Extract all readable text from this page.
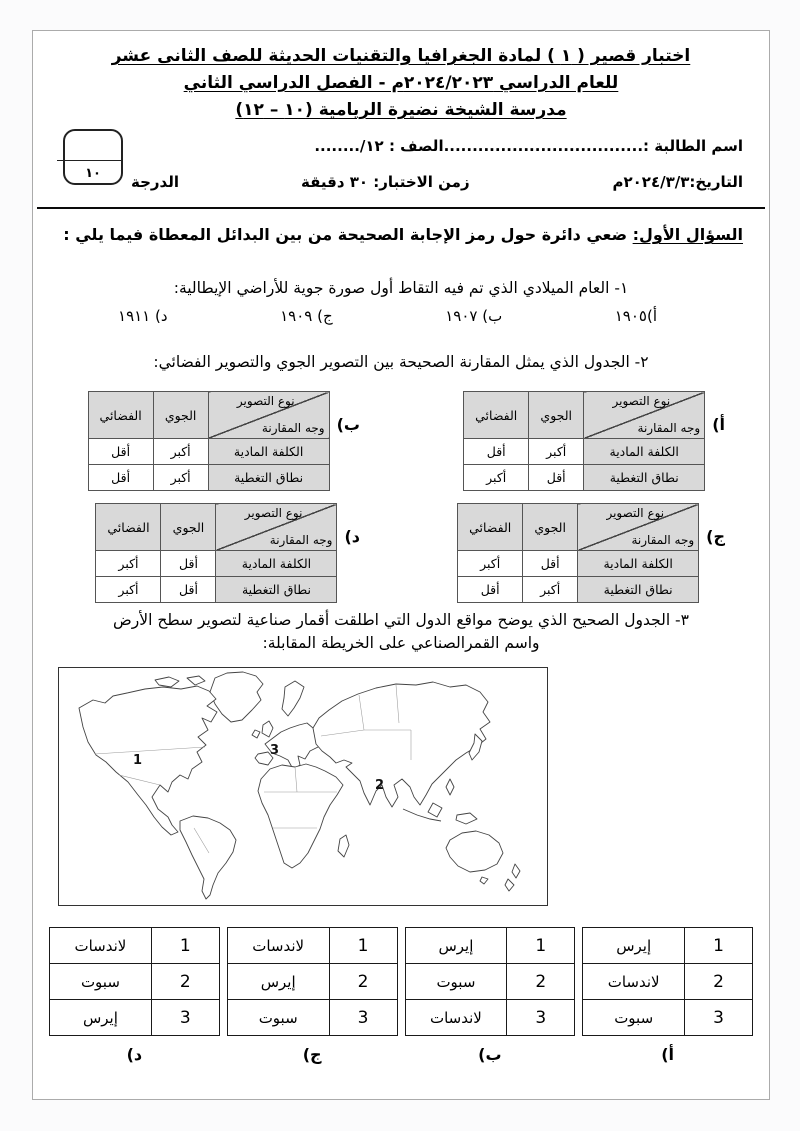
اختبار قصير ( ١ ) لمادة الجغرافيا والتقنيات الحديثة للصف الثانى عشر
للعام الدراسي ٢٠٢٤/٢٠٢٣م - الفصل الدراسي الثاني
مدرسة الشيخة نضيرة الريامية (١٠ – ١٢)
اسم الطالبة :...................................الصف : ١٢/........
١٠	التاريخ:٢٠٢٤/٣/٣م
زمن الاختبار: ٣٠ دقيقة
الدرجة
السؤال الأول: ضعي دائرة حول رمز الإجابة الصحيحة من بين البدائل المعطاة فيما يلي :
١- العام الميلادي الذي تم فيه التقاط أول صورة جوية للأراضي الإيطالية:
أ)١٩٠٥
ب) ١٩٠٧
ج) ١٩٠٩
د) ١٩١١
٢- الجدول الذي يمثل المقارنة الصحيحة بين التصوير الجوي والتصوير الفضائي:
أ)
نوع التصوير
وجه المقارنة	الجوي	الفضائي
الكلفة المادية	أكبر	أقل
نطاق التغطية	أقل	أكبر
ب)
نوع التصوير
وجه المقارنة	الجوي	الفضائي
الكلفة المادية	أكبر	أقل
نطاق التغطية	أكبر	أقل
ج)
نوع التصوير
وجه المقارنة	الجوي	الفضائي
الكلفة المادية	أقل	أكبر
نطاق التغطية	أكبر	أقل
د)
نوع التصوير
وجه المقارنة	الجوي	الفضائي
الكلفة المادية	أقل	أكبر
نطاق التغطية	أقل	أكبر
٣- الجدول الصحيح الذي يوضح مواقع الدول التي اطلقت أقمار صناعية لتصوير سطح الأرض
واسم القمرالصناعي على الخريطة المقابلة:
1
3
2
1	إيرس
2	لاندسات
3	سبوت
1	إيرس
2	سبوت
3	لاندسات
1	لاندسات
2	إيرس
3	سبوت
1	لاندسات
2	سبوت
3	إيرس
أ)
ب)
ج)
د)
